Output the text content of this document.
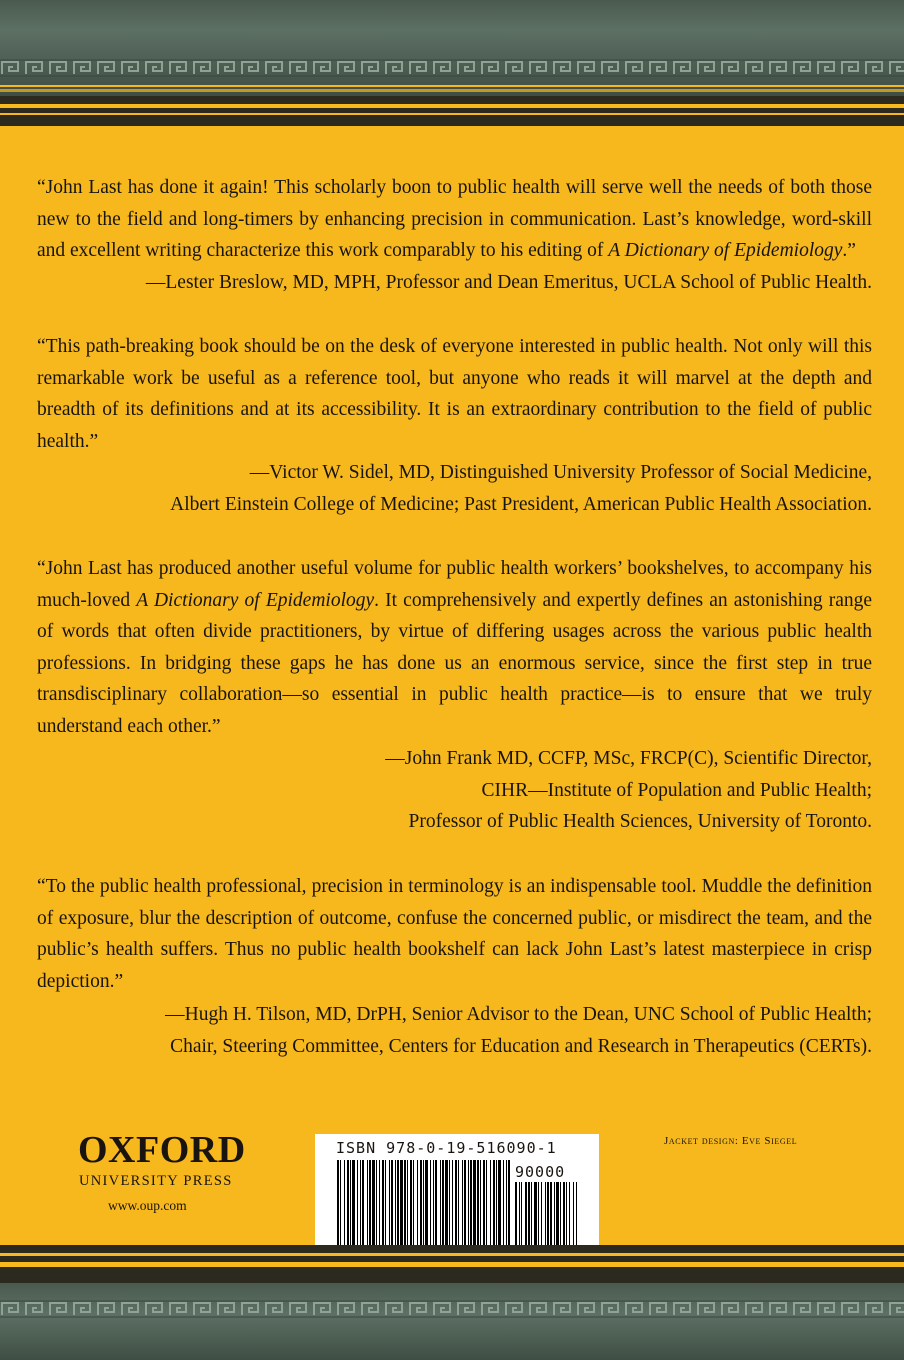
“John Last has done it again! This scholarly boon to public health will serve well the needs of both those new to the field and long-timers by enhancing precision in communication. Last’s knowledge, word-skill and excellent writing characterize this work comparably to his editing of A Dictionary of Epidemiology.”

—Lester Breslow, MD, MPH, Professor and Dean Emeritus, UCLA School of Public Health.

“This path-breaking book should be on the desk of everyone interested in public health. Not only will this remarkable work be useful as a reference tool, but anyone who reads it will marvel at the depth and breadth of its definitions and at its accessibility. It is an extraordinary contribution to the field of public health.”

—Victor W. Sidel, MD, Distinguished University Professor of Social Medicine,
Albert Einstein College of Medicine; Past President, American Public Health Association.

“John Last has produced another useful volume for public health workers’ bookshelves, to accompany his much-loved A Dictionary of Epidemiology. It comprehensively and expertly defines an astonishing range of words that often divide practitioners, by virtue of differing usages across the various public health professions. In bridging these gaps he has done us an enormous service, since the first step in true transdisciplinary collaboration—so essential in public health practice—is to ensure that we truly understand each other.”

—John Frank MD, CCFP, MSc, FRCP(C), Scientific Director,
CIHR—Institute of Population and Public Health;
Professor of Public Health Sciences, University of Toronto.

“To the public health professional, precision in terminology is an indispensable tool. Muddle the definition of exposure, blur the description of outcome, confuse the concerned public, or misdirect the team, and the public’s health suffers. Thus no public health bookshelf can lack John Last’s latest masterpiece in crisp depiction.”

—Hugh H. Tilson, MD, DrPH, Senior Advisor to the Dean, UNC School of Public Health;
Chair, Steering Committee, Centers for Education and Research in Therapeutics (CERTs).

OXFORD
UNIVERSITY PRESS
www.oup.com
ISBN 978-0-19-516090-1
90000
Jacket design: Eve Siegel
